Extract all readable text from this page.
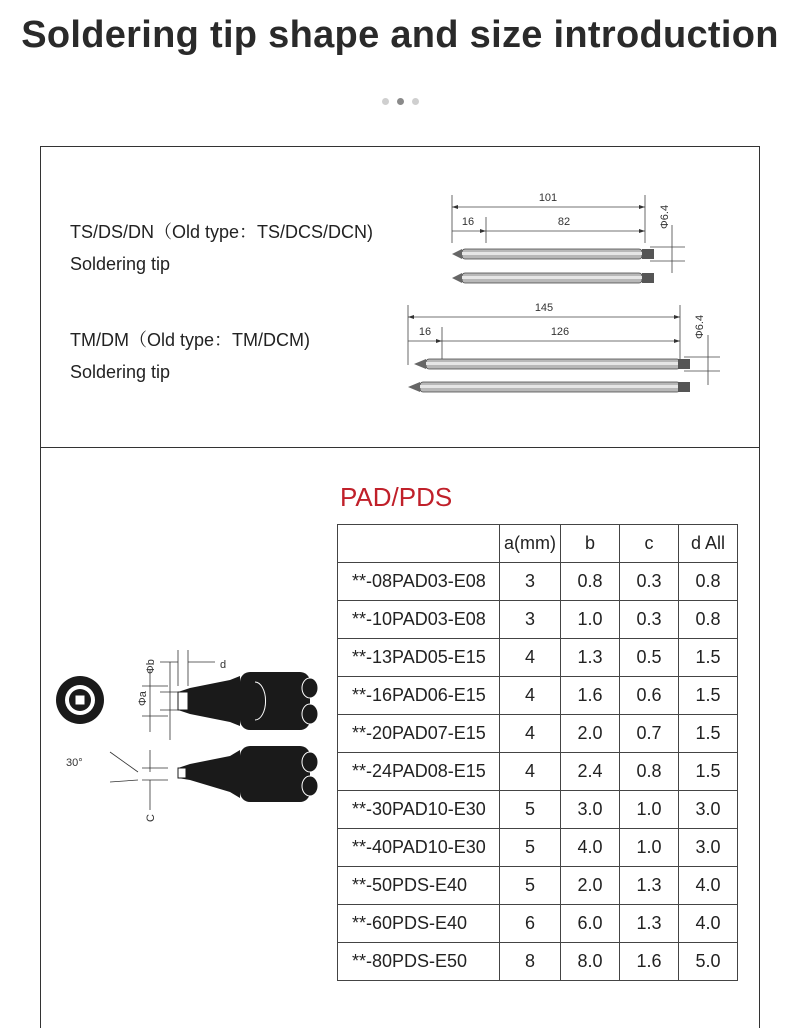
Soldering tip shape and size introduction
TS/DS/DN（Old type：TS/DCS/DCN)
Soldering tip
TM/DM（Old type：TM/DCM)
Soldering tip
101
16	82	Φ6.4
145
16	126	Φ6.4
PAD/PDS
Φa
Φb	d
30°
C
	a(mm)	b	c	d All
**-08PAD03-E08	3	0.8	0.3	0.8
**-10PAD03-E08	3	1.0	0.3	0.8
**-13PAD05-E15	4	1.3	0.5	1.5
**-16PAD06-E15	4	1.6	0.6	1.5
**-20PAD07-E15	4	2.0	0.7	1.5
**-24PAD08-E15	4	2.4	0.8	1.5
**-30PAD10-E30	5	3.0	1.0	3.0
**-40PAD10-E30	5	4.0	1.0	3.0
**-50PDS-E40	5	2.0	1.3	4.0
**-60PDS-E40	6	6.0	1.3	4.0
**-80PDS-E50	8	8.0	1.6	5.0
